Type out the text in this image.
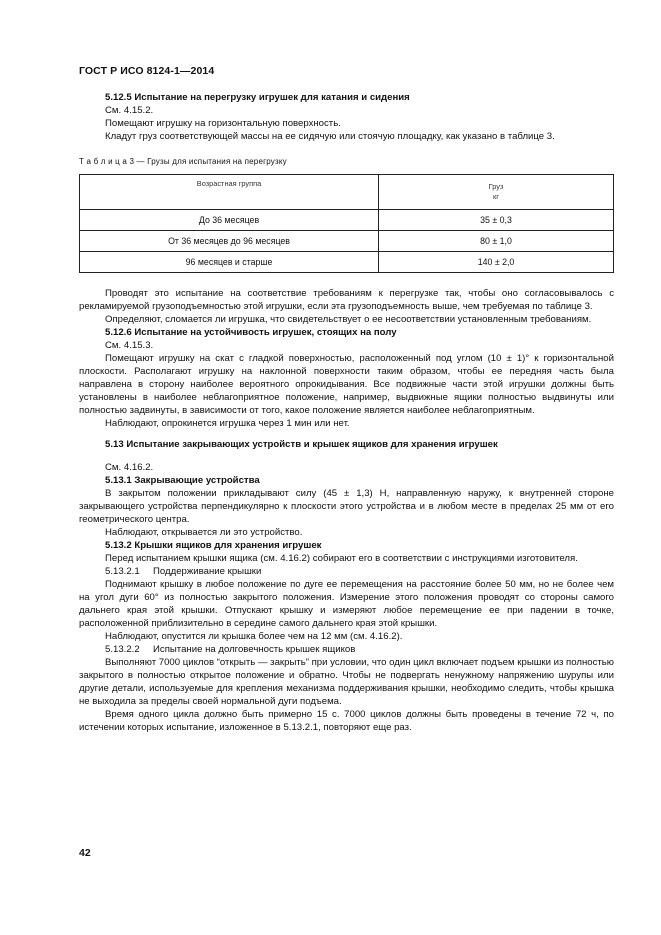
ГОСТ Р ИСО 8124-1—2014

5.12.5 Испытание на перегрузку игрушек для катания и сидения

См. 4.15.2.

Помещают игрушку на горизонтальную поверхность.

Кладут груз соответствующей массы на ее сидячую или стоячую площадку, как указано в таблице 3.

Т а б л и ц а 3 — Грузы для испытания на перегрузку
Возрастная группа	Груз
кг

До 36 месяцев	35 ± 0,3
От 36 месяцев до 96 месяцев	80 ± 1,0
96 месяцев и старше	140 ± 2,0

Проводят это испытание на соответствие требованиям к перегрузке так, чтобы оно согласовывалось с рекламируемой грузоподъемностью этой игрушки, если эта грузоподъемность выше, чем требуемая по таблице 3.

Определяют, сломается ли игрушка, что свидетельствует о ее несоответствии установленным требованиям.

5.12.6 Испытание на устойчивость игрушек, стоящих на полу

См. 4.15.3.

Помещают игрушку на скат с гладкой поверхностью, расположенный под углом (10 ± 1)° к горизонтальной плоскости. Располагают игрушку на наклонной поверхности таким образом, чтобы ее передняя часть была направлена в сторону наиболее вероятного опрокидывания. Все подвижные части этой игрушки должны быть установлены в наиболее неблагоприятное положение, например, выдвижные ящики полностью выдвинуты или полностью задвинуты, в зависимости от того, какое положение является наиболее неблагоприятным.

Наблюдают, опрокинется игрушка через 1 мин или нет.

5.13 Испытание закрывающих устройств и крышек ящиков для хранения игрушек

См. 4.16.2.

5.13.1 Закрывающие устройства

В закрытом положении прикладывают силу (45 ± 1,3) Н, направленную наружу, к внутренней стороне закрывающего устройства перпендикулярно к плоскости этого устройства и в любом месте в пределах 25 мм от его геометрического центра.

Наблюдают, открывается ли это устройство.

5.13.2 Крышки ящиков для хранения игрушек

Перед испытанием крышки ящика (см. 4.16.2) собирают его в соответствии с инструкциями изготовителя.

5.13.2.1     Поддерживание крышки

Поднимают крышку в любое положение по дуге ее перемещения на расстояние более 50 мм, но не более чем на угол дуги 60° из полностью закрытого положения. Измерение этого положения проводят со стороны самого дальнего края этой крышки. Отпускают крышку и измеряют любое перемещение ее при падении в точке, расположенной приблизительно в середине самого дальнего края этой крышки.

Наблюдают, опустится ли крышка более чем на 12 мм (см. 4.16.2).

5.13.2.2     Испытание на долговечность крышек ящиков

Выполняют 7000 циклов “открыть — закрыть” при условии, что один цикл включает подъем крышки из полностью закрытого в полностью открытое положение и обратно. Чтобы не подвергать ненужному напряжению шурупы или другие детали, используемые для крепления механизма поддерживания крышки, необходимо следить, чтобы крышка не выходила за пределы своей нормальной дуги подъема.

Время одного цикла должно быть примерно 15 с. 7000 циклов должны быть проведены в течение 72 ч, по истечении которых испытание, изложенное в 5.13.2.1, повторяют еще раз.

42
